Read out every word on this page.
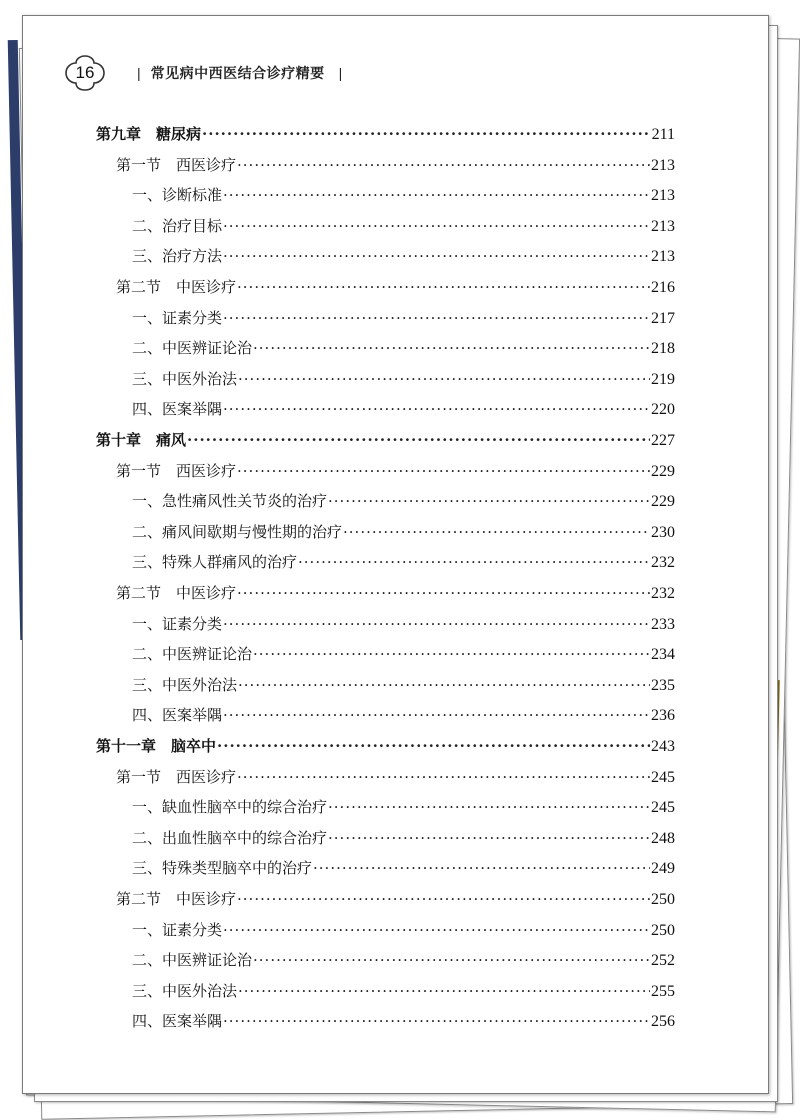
16	| 常见病中西医结合诊疗精要 |
第九章　糖尿病 ·····	211
第一节　西医诊疗 ·····	213
一、诊断标准 ·····	213
二、治疗目标 ·····	213
三、治疗方法 ·····	213
第二节　中医诊疗 ·····	216
一、证素分类 ·····	217
二、中医辨证论治 ·····	218
三、中医外治法 ·····	219
四、医案举隅 ·····	220
第十章　痛风 ·····	227
第一节　西医诊疗 ·····	229
一、急性痛风性关节炎的治疗 ·····	229
二、痛风间歇期与慢性期的治疗 ·····	230
三、特殊人群痛风的治疗 ·····	232
第二节　中医诊疗 ·····	232
一、证素分类 ·····	233
二、中医辨证论治 ·····	234
三、中医外治法 ·····	235
四、医案举隅 ·····	236
第十一章　脑卒中 ·····	243
第一节　西医诊疗 ·····	245
一、缺血性脑卒中的综合治疗 ·····	245
二、出血性脑卒中的综合治疗 ·····	248
三、特殊类型脑卒中的治疗 ·····	249
第二节　中医诊疗 ·····	250
一、证素分类 ·····	250
二、中医辨证论治 ·····	252
三、中医外治法 ·····	255
四、医案举隅 ·····	256
